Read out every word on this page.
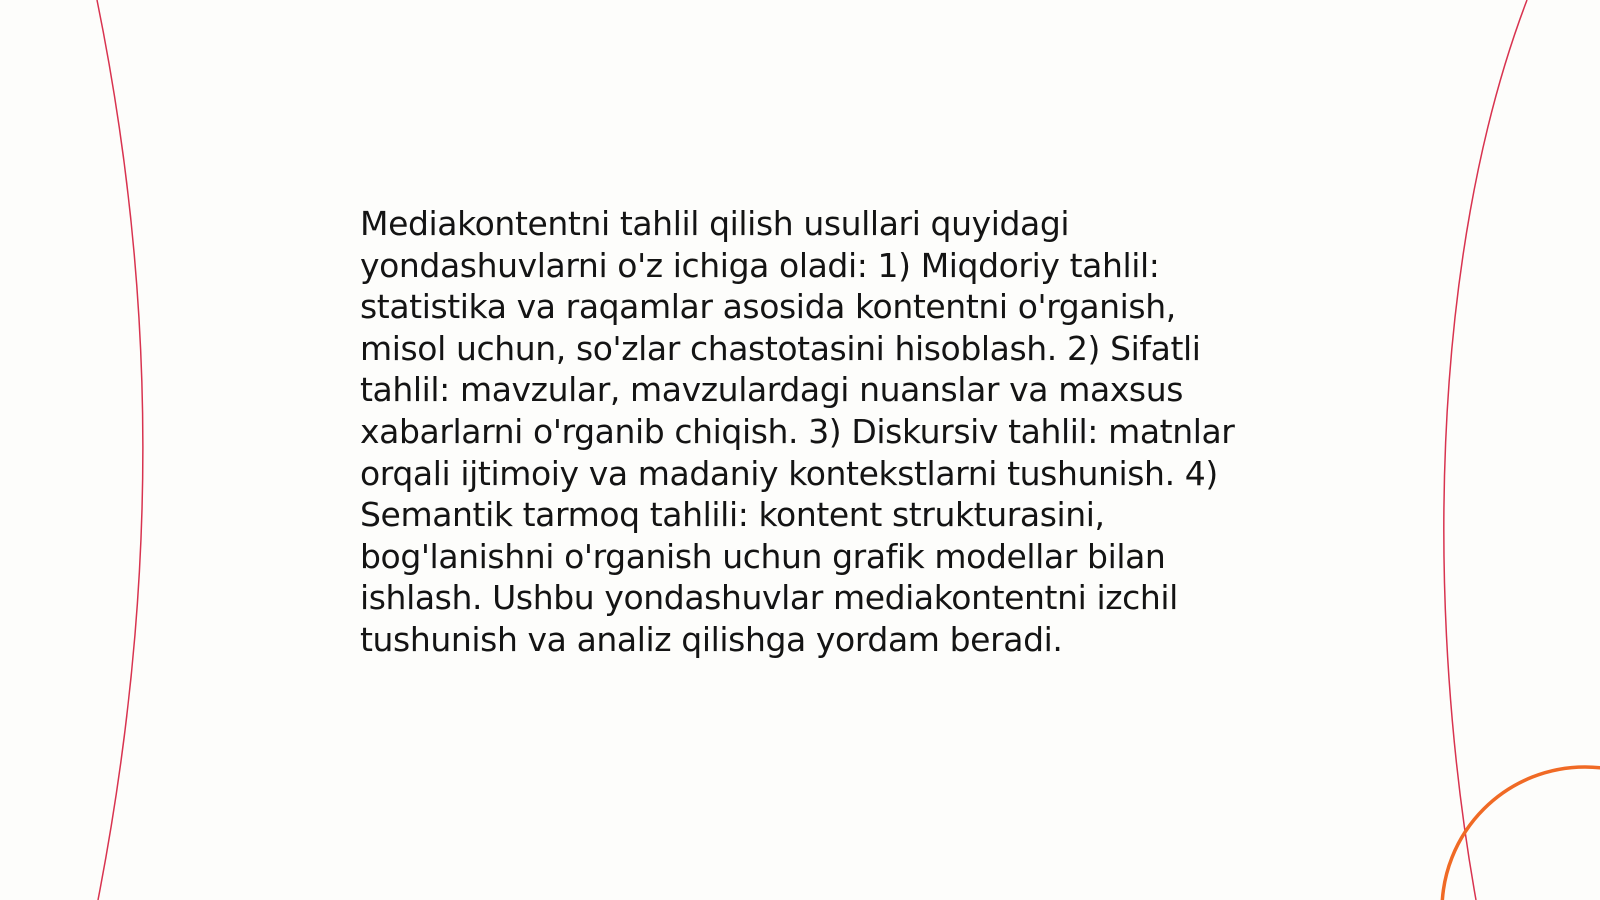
Mediakontentni tahlil qilish usullari quyidagi
yondashuvlarni o'z ichiga oladi: 1) Miqdoriy tahlil:
statistika va raqamlar asosida kontentni o'rganish,
misol uchun, so'zlar chastotasini hisoblash. 2) Sifatli
tahlil: mavzular, mavzulardagi nuanslar va maxsus
xabarlarni o'rganib chiqish. 3) Diskursiv tahlil: matnlar
orqali ijtimoiy va madaniy kontekstlarni tushunish. 4)
Semantik tarmoq tahlili: kontent strukturasini,
bog'lanishni o'rganish uchun grafik modellar bilan
ishlash. Ushbu yondashuvlar mediakontentni izchil
tushunish va analiz qilishga yordam beradi.
